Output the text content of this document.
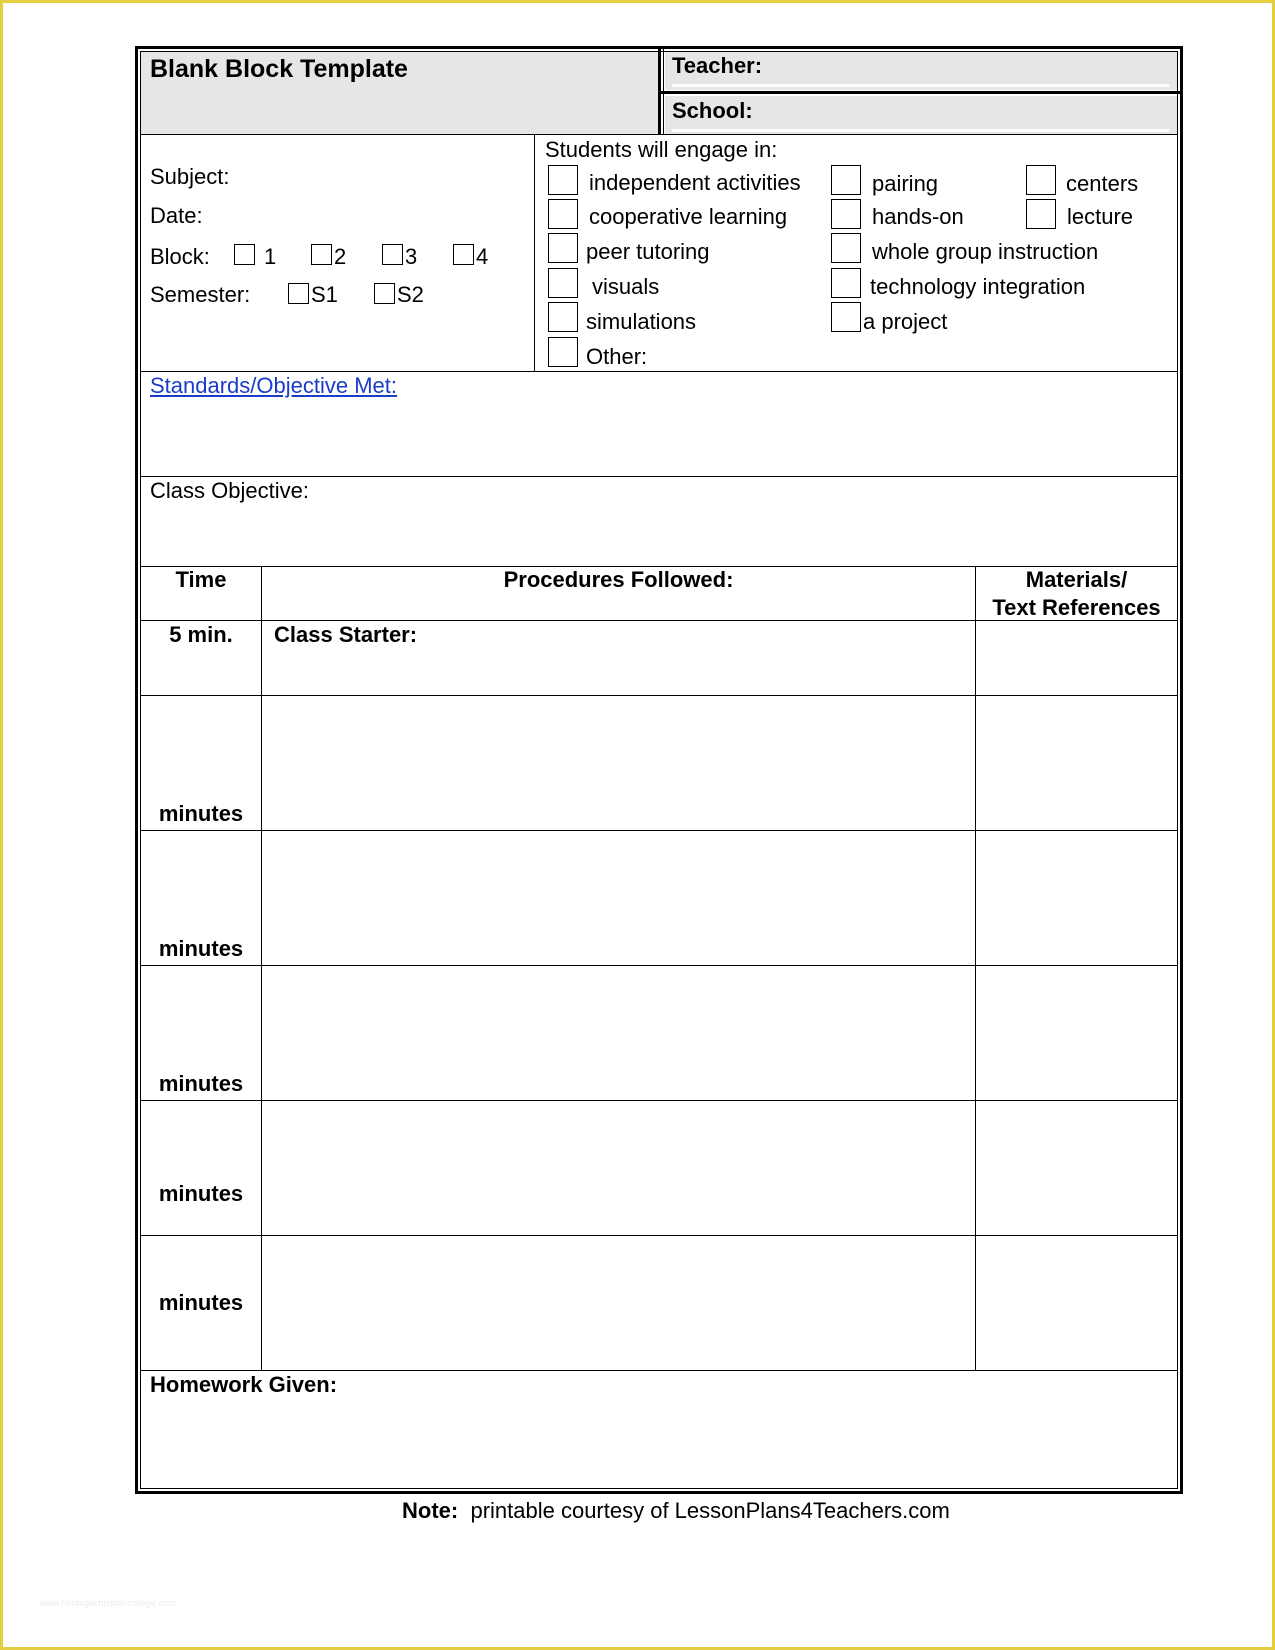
Blank Block Template	Teacher:
School:
Subject:
Date:
Block: 1	2	3	4
Semester:	S1	S2
Students will engage in:
independent activities
cooperative learning
peer tutoring
visuals
simulations
Other:
pairing
hands-on
whole group instruction
technology integration
a project
centers
lecture
Standards/Objective Met:
Class Objective:
Time	Procedures Followed:	Materials/
Text References
5 min.	Class Starter:
minutes
minutes
minutes
minutes
minutes
Homework Given:
Note: printable courtesy of LessonPlans4Teachers.com
www.heritagechristiancollege.com
